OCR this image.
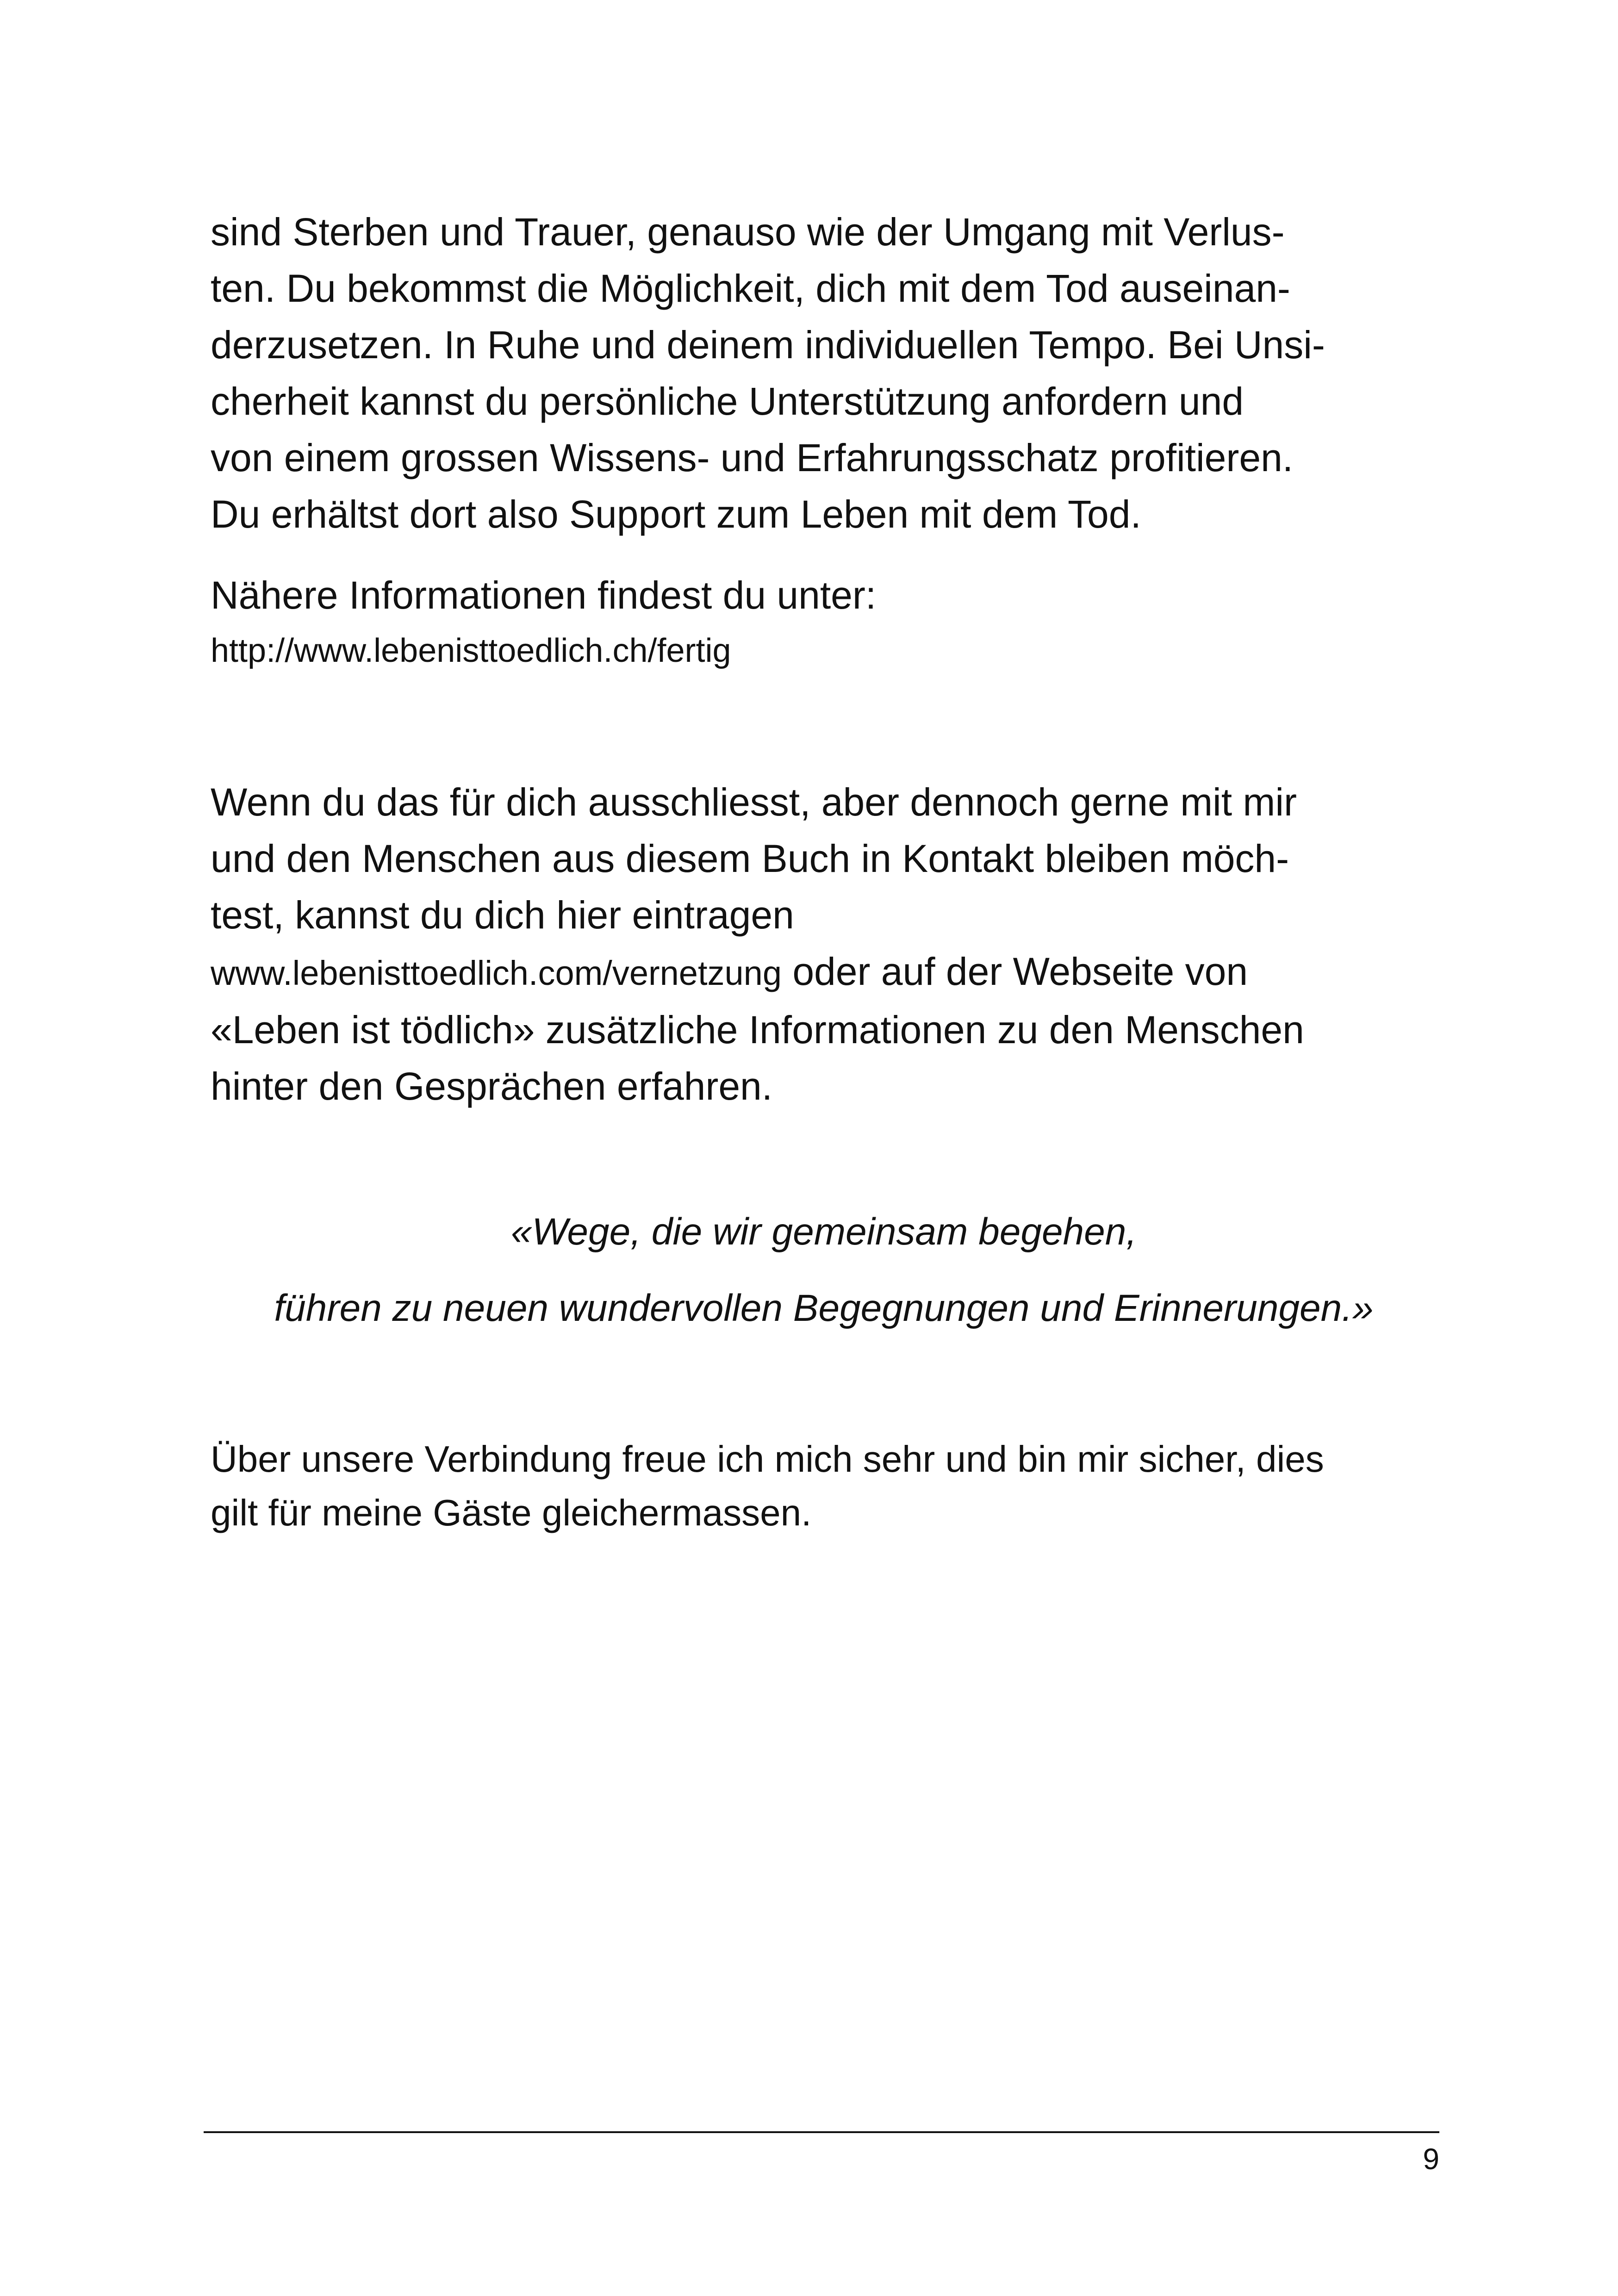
sind Sterben und Trauer, genauso wie der Umgang mit Verlus-
ten. Du bekommst die Möglichkeit, dich mit dem Tod auseinan-
derzusetzen. In Ruhe und deinem individuellen Tempo. Bei Unsi-
cherheit kannst du persönliche Unterstützung anfordern und
von einem grossen Wissens- und Erfahrungsschatz profitieren.
Du erhältst dort also Support zum Leben mit dem Tod.

Nähere Informationen findest du unter:
http://www.lebenisttoedlich.ch/fertig

Wenn du das für dich ausschliesst, aber dennoch gerne mit mir
und den Menschen aus diesem Buch in Kontakt bleiben möch-
test, kannst du dich hier eintragen
www.lebenisttoedlich.com/vernetzung oder auf der Webseite von
«Leben ist tödlich» zusätzliche Informationen zu den Menschen
hinter den Gesprächen erfahren.

«Wege, die wir gemeinsam begehen,

führen zu neuen wundervollen Begegnungen und Erinnerungen.»

Über unsere Verbindung freue ich mich sehr und bin mir sicher, dies
gilt für meine Gäste gleichermassen.

9
